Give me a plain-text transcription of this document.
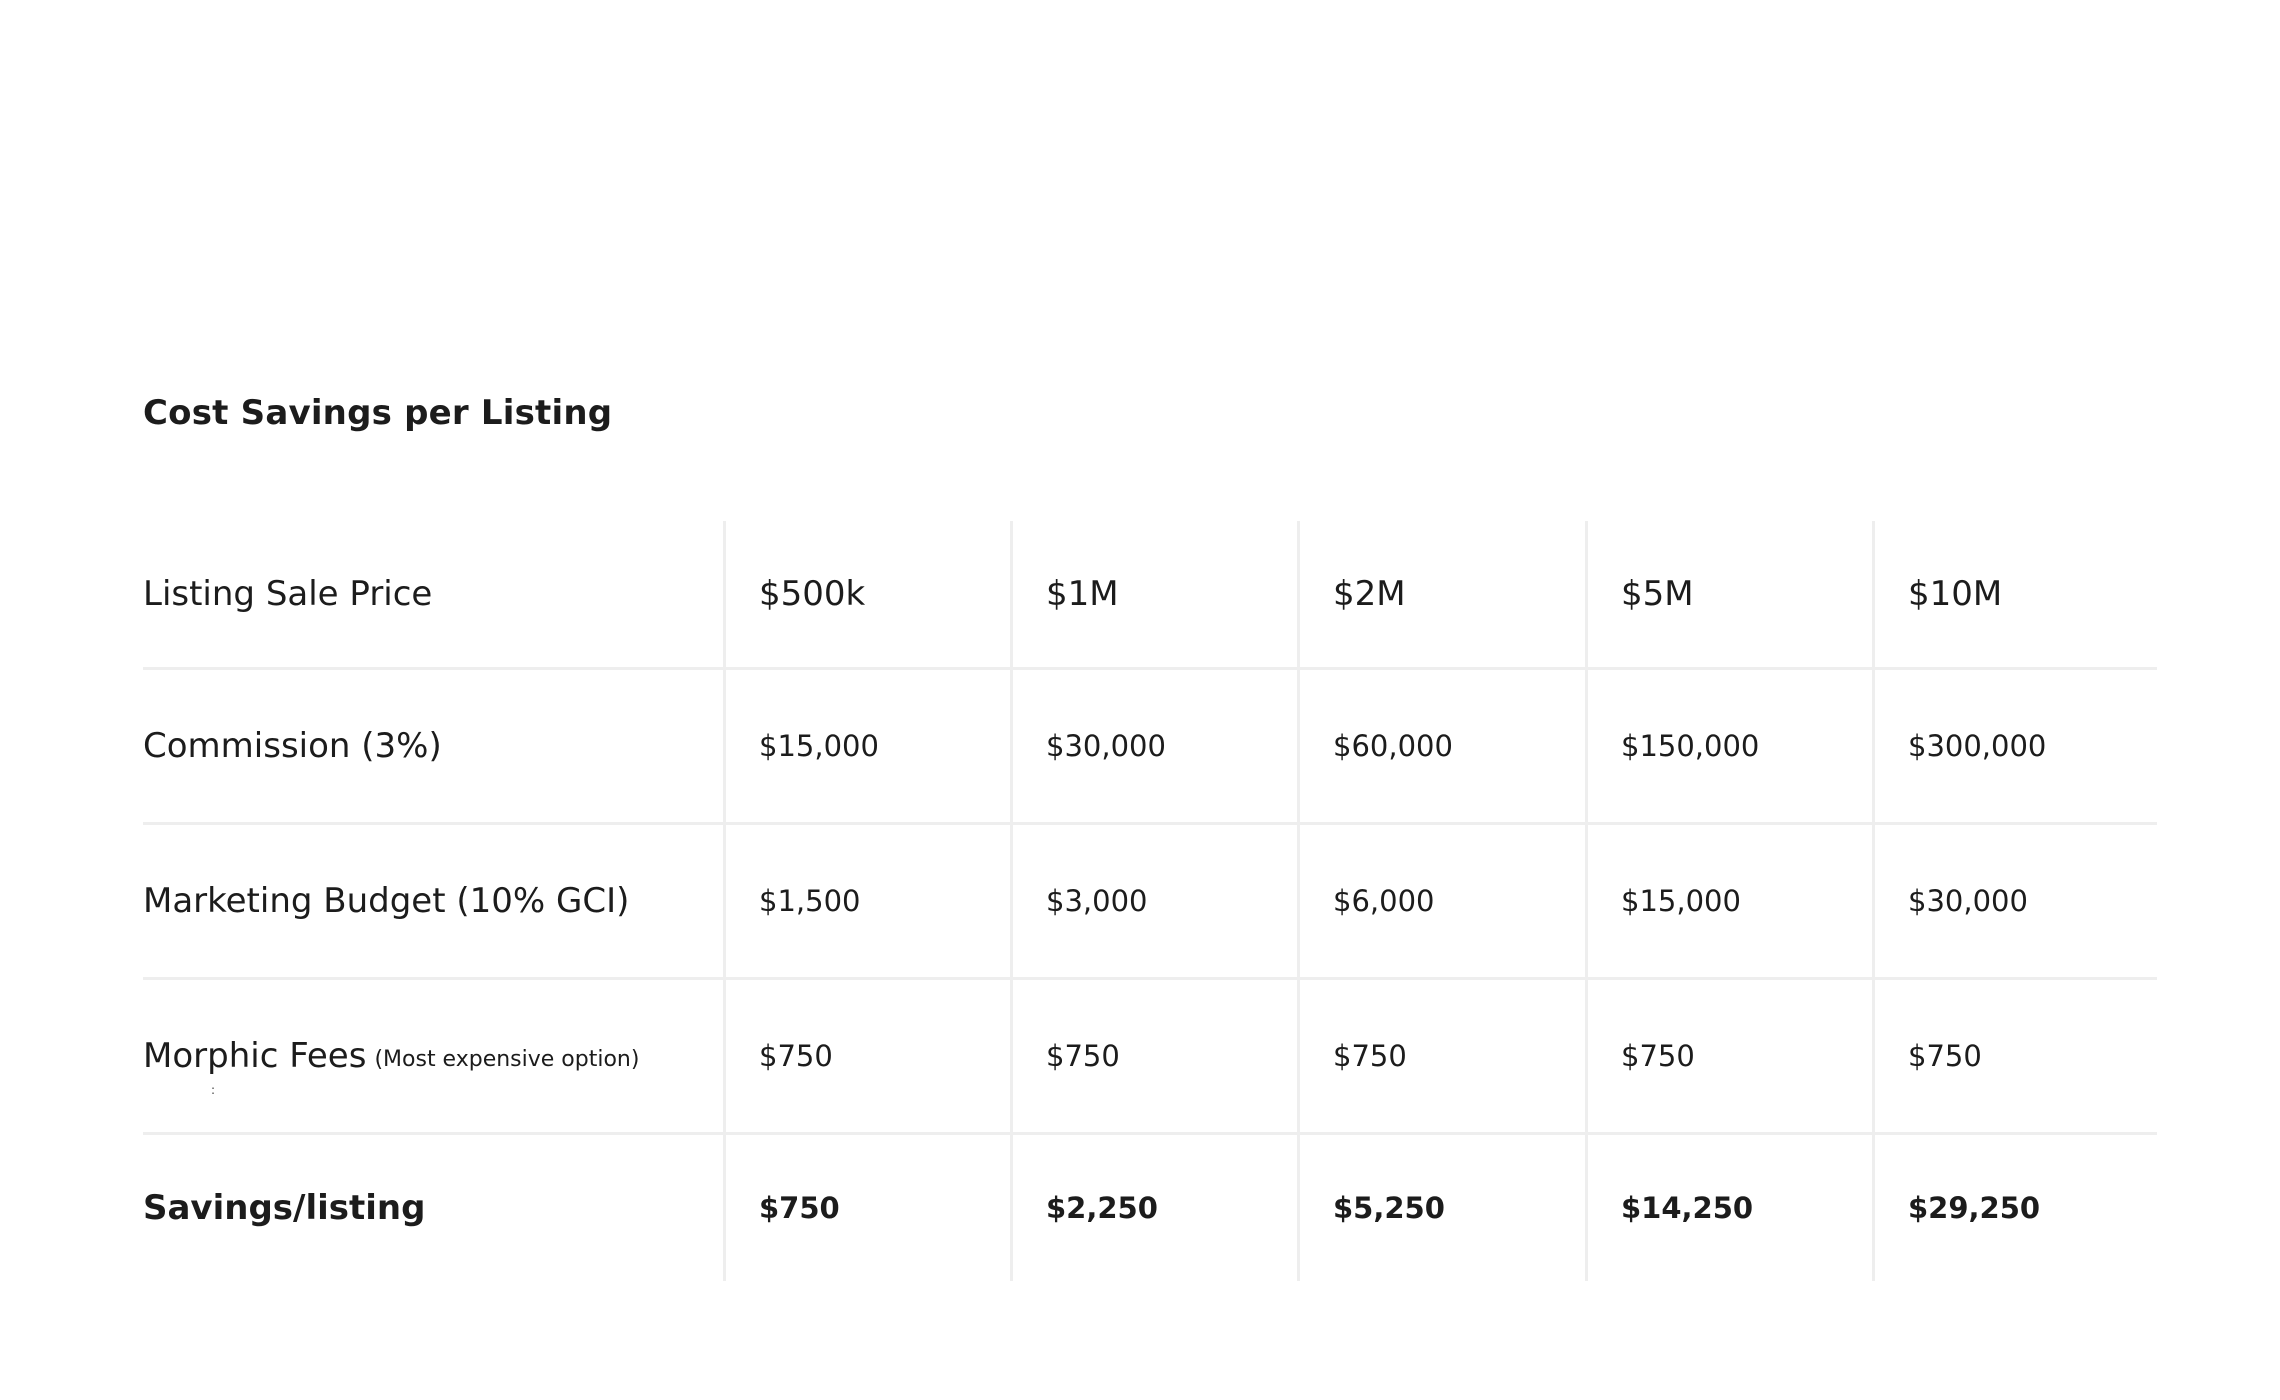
Cost Savings per Listing
Listing Sale Price	$500k	$1M	$2M	$5M	$10M
Commission (3%)	$15,000	$30,000	$60,000	$150,000	$300,000
Marketing Budget (10% GCI)	$1,500	$3,000	$6,000	$15,000	$30,000
Morphic Fees (Most expensive option)	$750	$750	$750	$750	$750
Savings/listing	$750	$2,250	$5,250	$14,250	$29,250
:
